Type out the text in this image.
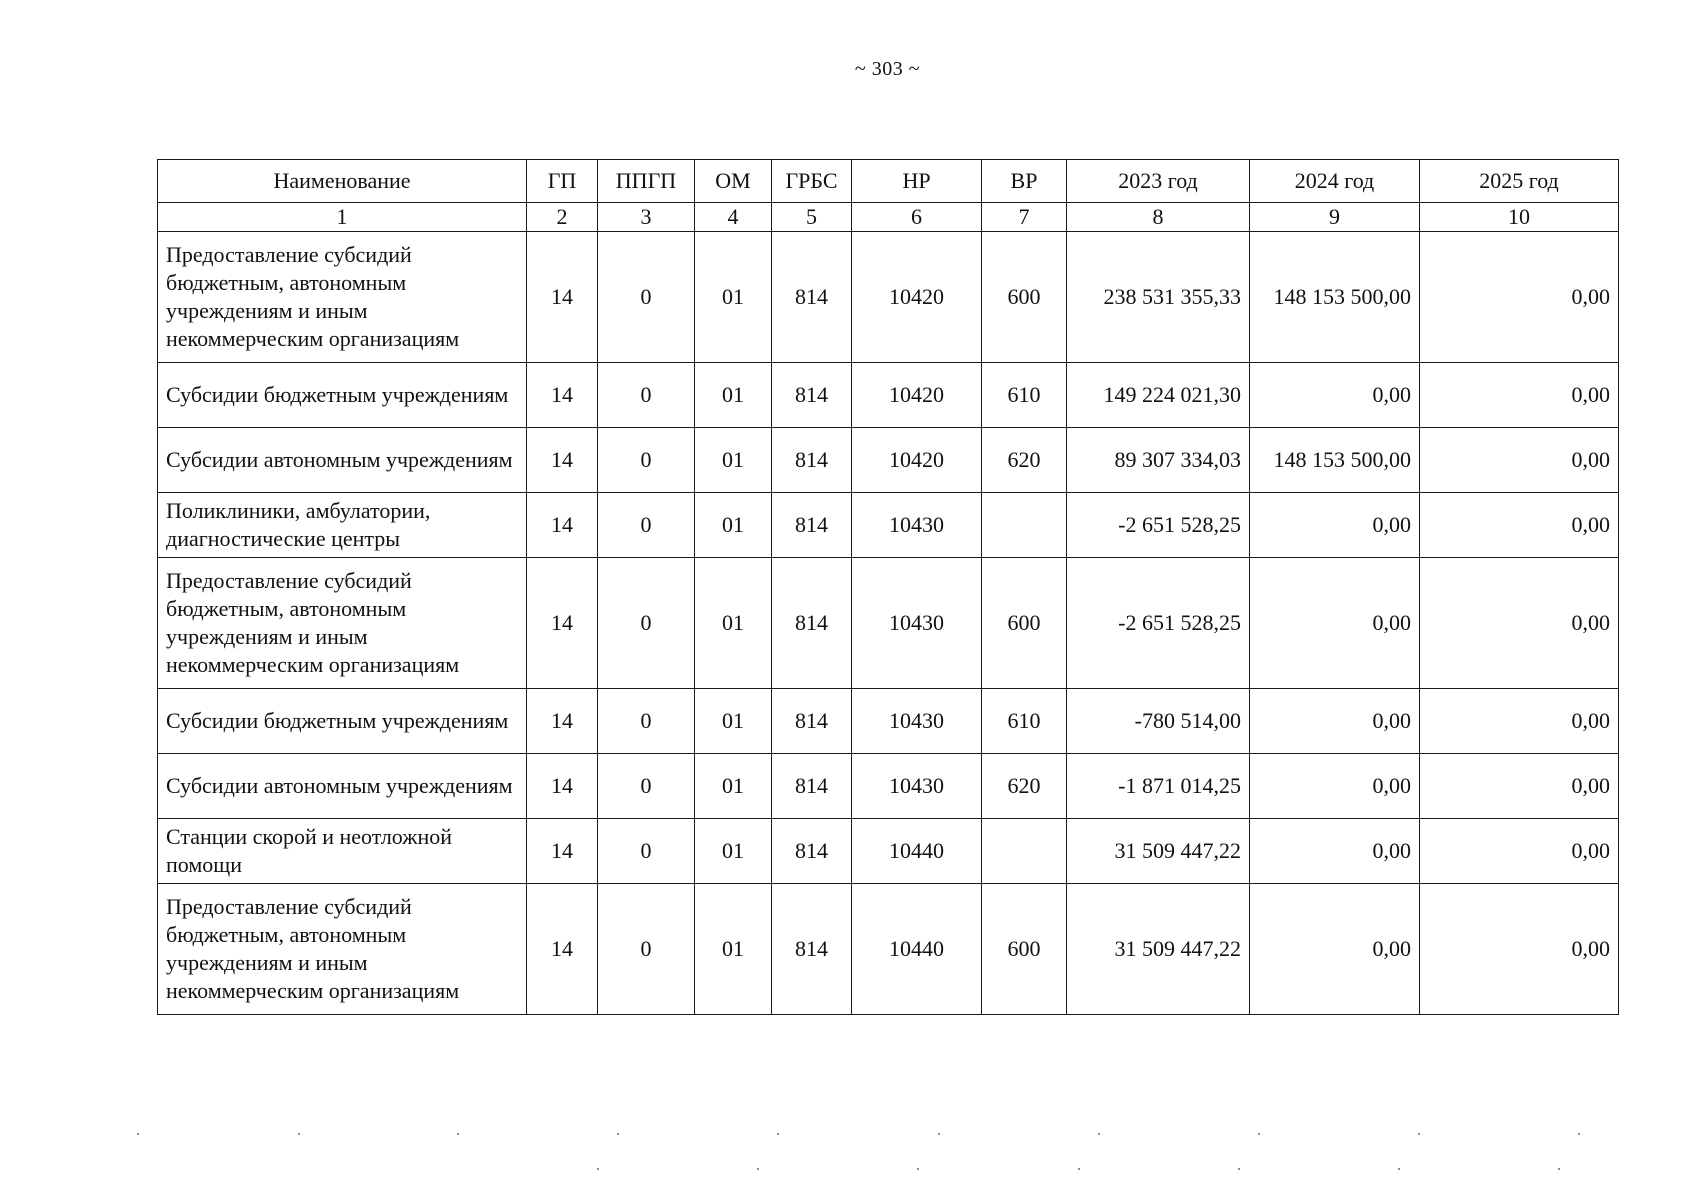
~ 303 ~
Наименование	ГП	ППГП	ОМ	ГРБС	НР	ВР	2023 год	2024 год	2025 год
1	2	3	4	5	6	7	8	9	10
Предоставление субсидий бюджетным, автономным учреждениям и иным некоммерческим организациям	14	0	01	814	10420	600	238 531 355,33	148 153 500,00	0,00
Субсидии бюджетным учреждениям	14	0	01	814	10420	610	149 224 021,30	0,00	0,00
Субсидии автономным учреждениям	14	0	01	814	10420	620	89 307 334,03	148 153 500,00	0,00
Поликлиники, амбулатории, диагностические центры	14	0	01	814	10430		-2 651 528,25	0,00	0,00
Предоставление субсидий бюджетным, автономным учреждениям и иным некоммерческим организациям	14	0	01	814	10430	600	-2 651 528,25	0,00	0,00
Субсидии бюджетным учреждениям	14	0	01	814	10430	610	-780 514,00	0,00	0,00
Субсидии автономным учреждениям	14	0	01	814	10430	620	-1 871 014,25	0,00	0,00
Станции скорой и неотложной помощи	14	0	01	814	10440		31 509 447,22	0,00	0,00
Предоставление субсидий бюджетным, автономным учреждениям и иным некоммерческим организациям	14	0	01	814	10440	600	31 509 447,22	0,00	0,00
